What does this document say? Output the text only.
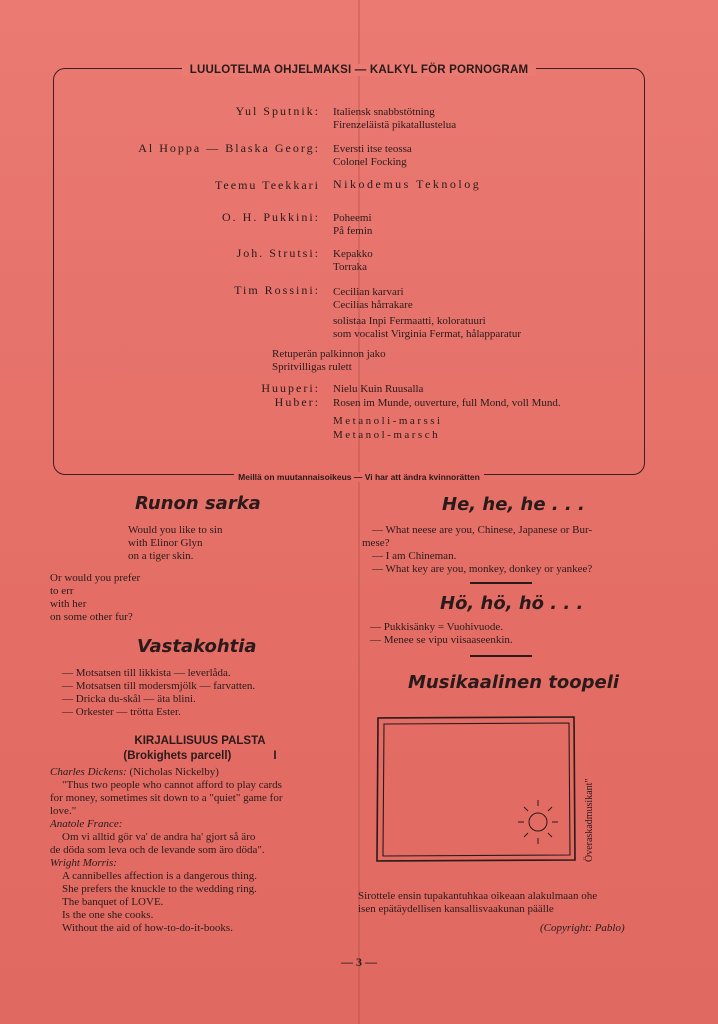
LUULOTELMA OHJELMAKSI — KALKYL FÖR PORNOGRAM
Meillä on muutannaisoikeus — Vi har att ändra kvinnorätten
Yul Sputnik: Italiensk snabbstötning
Firenzeläistä pikatallustelua
Al Hoppa — Blaska Georg: Eversti itse teossa
Colonel Focking
Teemu Teekkari Nikodemus Teknolog
O. H. Pukkini: Poheemi
På femin
Joh. Strutsi: Kepakko
Torraka
Tim Rossini: Cecilian karvari
Cecilias hårrakare
solistaa Inpi Fermaatti, koloratuuri
som vocalist Virginia Fermat, hålapparatur
Retuperän palkinnon jako
Spritvilligas rulett
Huuperi: Nielu Kuin Ruusalla
Huber: Rosen im Munde, ouverture, full Mond, voll Mund.
Metanoli-marssi
Metanol-marsch
Runon sarka
Would you like to sin
with Elinor Glyn
on a tiger skin.
Or would you prefer
to err
with her
on some other fur?
Vastakohtia
— Motsatsen till likkista — leverlåda.
— Motsatsen till modersmjölk — farvatten.
— Dricka du-skål — äta blini.
— Orkester — trötta Ester.
KIRJALLISUUS PALSTA
(Brokighets parcell)	I
Charles Dickens: (Nicholas Nickelby)
"Thus two people who cannot afford to play cards
for money, sometimes sit down to a "quiet" game for
love."
Anatole France:
Om vi alltid gör va' de andra ha' gjort så äro
de döda som leva och de levande som äro döda".
Wright Morris:
A cannibelles affection is a dangerous thing.
She prefers the knuckle to the wedding ring.
The banquet of LOVE.
Is the one she cooks.
Without the aid of how-to-do-it-books.
He, he, he . . .
— What neese are you, Chinese, Japanese or Bur-
mese?
— I am Chineman.
— What key are you, monkey, donkey or yankee?
Hö, hö, hö . . .
— Pukkisänky = Vuohivuode.
— Menee se vipu viisaaseenkin.
Musikaalinen toopeli
Överaskadmusikant"
Sirottele ensin tupakantuhkaa oikeaan alakulmaan ohe
isen epätäydellisen kansallisvaakunan päälle
(Copyright: Pablo)
— 3 —
